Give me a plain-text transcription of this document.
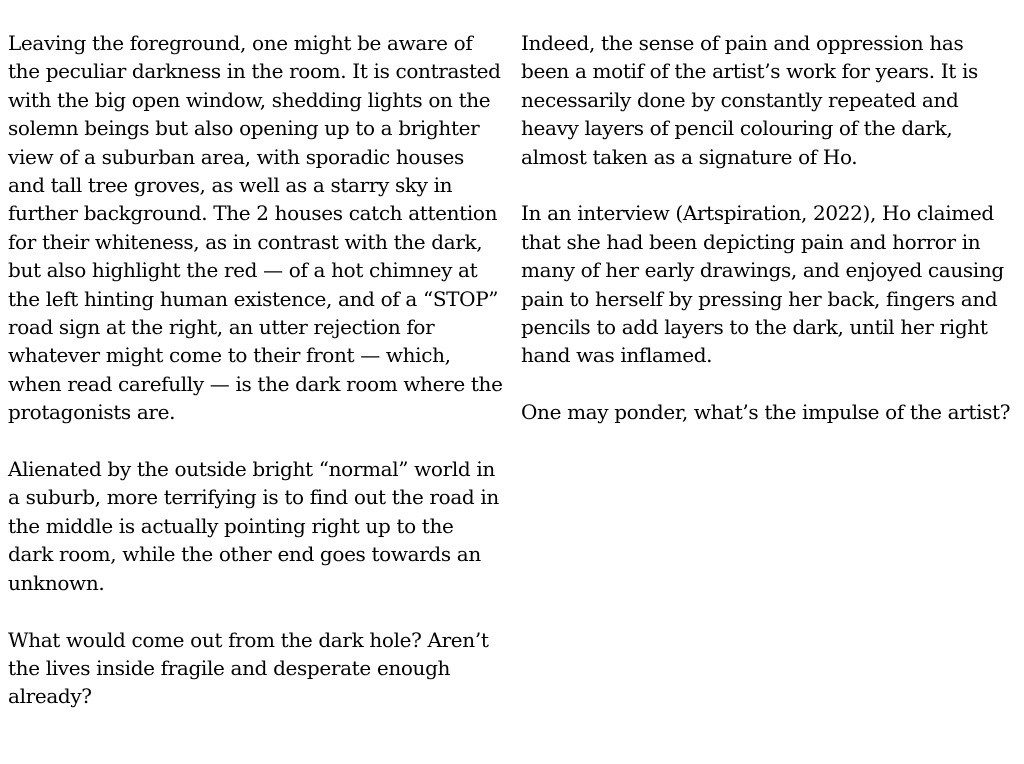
Leaving the foreground, one might be aware of the peculiar darkness in the room. It is contrasted with the big open window, shedding lights on the solemn beings but also opening up to a brighter view of a suburban area, with sporadic houses and tall tree groves, as well as a starry sky in further background. The 2 houses catch attention for their whiteness, as in contrast with the dark, but also highlight the red — of a hot chimney at the left hinting human existence, and of a “STOP” road sign at the right, an utter rejection for whatever might come to their front — which, when read carefully — is the dark room where the protagonists are.

Alienated by the outside bright “normal” world in a suburb, more terrifying is to find out the road in the middle is actually pointing right up to the dark room, while the other end goes towards an unknown.

What would come out from the dark hole? Aren’t the lives inside fragile and desperate enough already?

Indeed, the sense of pain and oppression has been a motif of the artist’s work for years. It is necessarily done by constantly repeated and heavy layers of pencil colouring of the dark, almost taken as a signature of Ho.

In an interview (Artspiration, 2022), Ho claimed that she had been depicting pain and horror in many of her early drawings, and enjoyed causing pain to herself by pressing her back, fingers and pencils to add layers to the dark, until her right hand was inflamed.

One may ponder, what’s the impulse of the artist?
